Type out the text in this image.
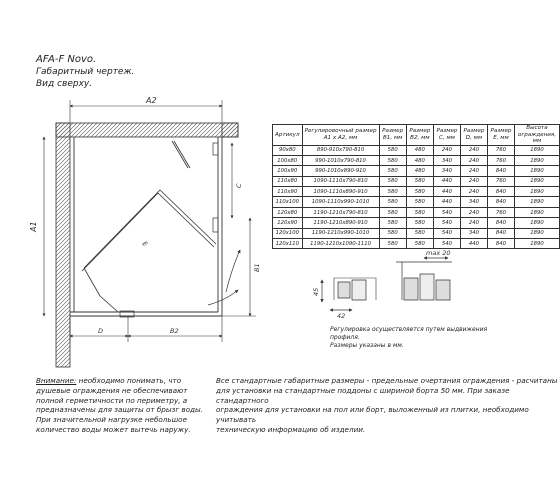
AFA-F Novo.
Габаритный чертеж.
Вид сверху.
A2
A1
C
B1
D	B2
E
45
42
max 20
Артикул	Регулировочный размер A1 x A2, мм	Размер B1, мм	Размер B2, мм	Размер C, мм	Размер D, мм	Размер E, мм	Высота ограждения, мм
90x80	890-910x790-810	580	480	240	240	760	1890
100x80	990-1010x790-810	580	480	340	240	760	1890
100x90	990-1010x890-910	580	480	340	240	840	1890
110x80	1090-1110x790-810	580	580	440	240	760	1890
110x90	1090-1110x890-910	580	580	440	240	840	1890
110x100	1090-1110x990-1010	580	580	440	340	840	1890
120x80	1190-1210x790-810	580	580	540	240	760	1890
120x90	1190-1210x890-910	580	580	540	240	840	1890
120x100	1190-1210x990-1010	580	580	540	340	840	1890
120x110	1190-1210x1090-1110	580	580	540	440	840	1890
Регулировка осуществляется путем выдвижения
профиля.
Размеры указаны в мм.
Внимание: необходимо понимать, что
душевые ограждения не обеспечивают
полной герметичности по периметру, а
предназначены для защиты от брызг воды.
При значительной нагрузке небольшое
количество воды может вытечь наружу.
Все стандартные габаритные размеры - предельные очертания ограждения - расчитаны
для установки на стандартные поддоны с шириной борта 50 мм. При заказе стандартного
ограждения для установки на пол или борт, выложенный из плитки, необходимо учитывать
техническую информацию об изделии.
